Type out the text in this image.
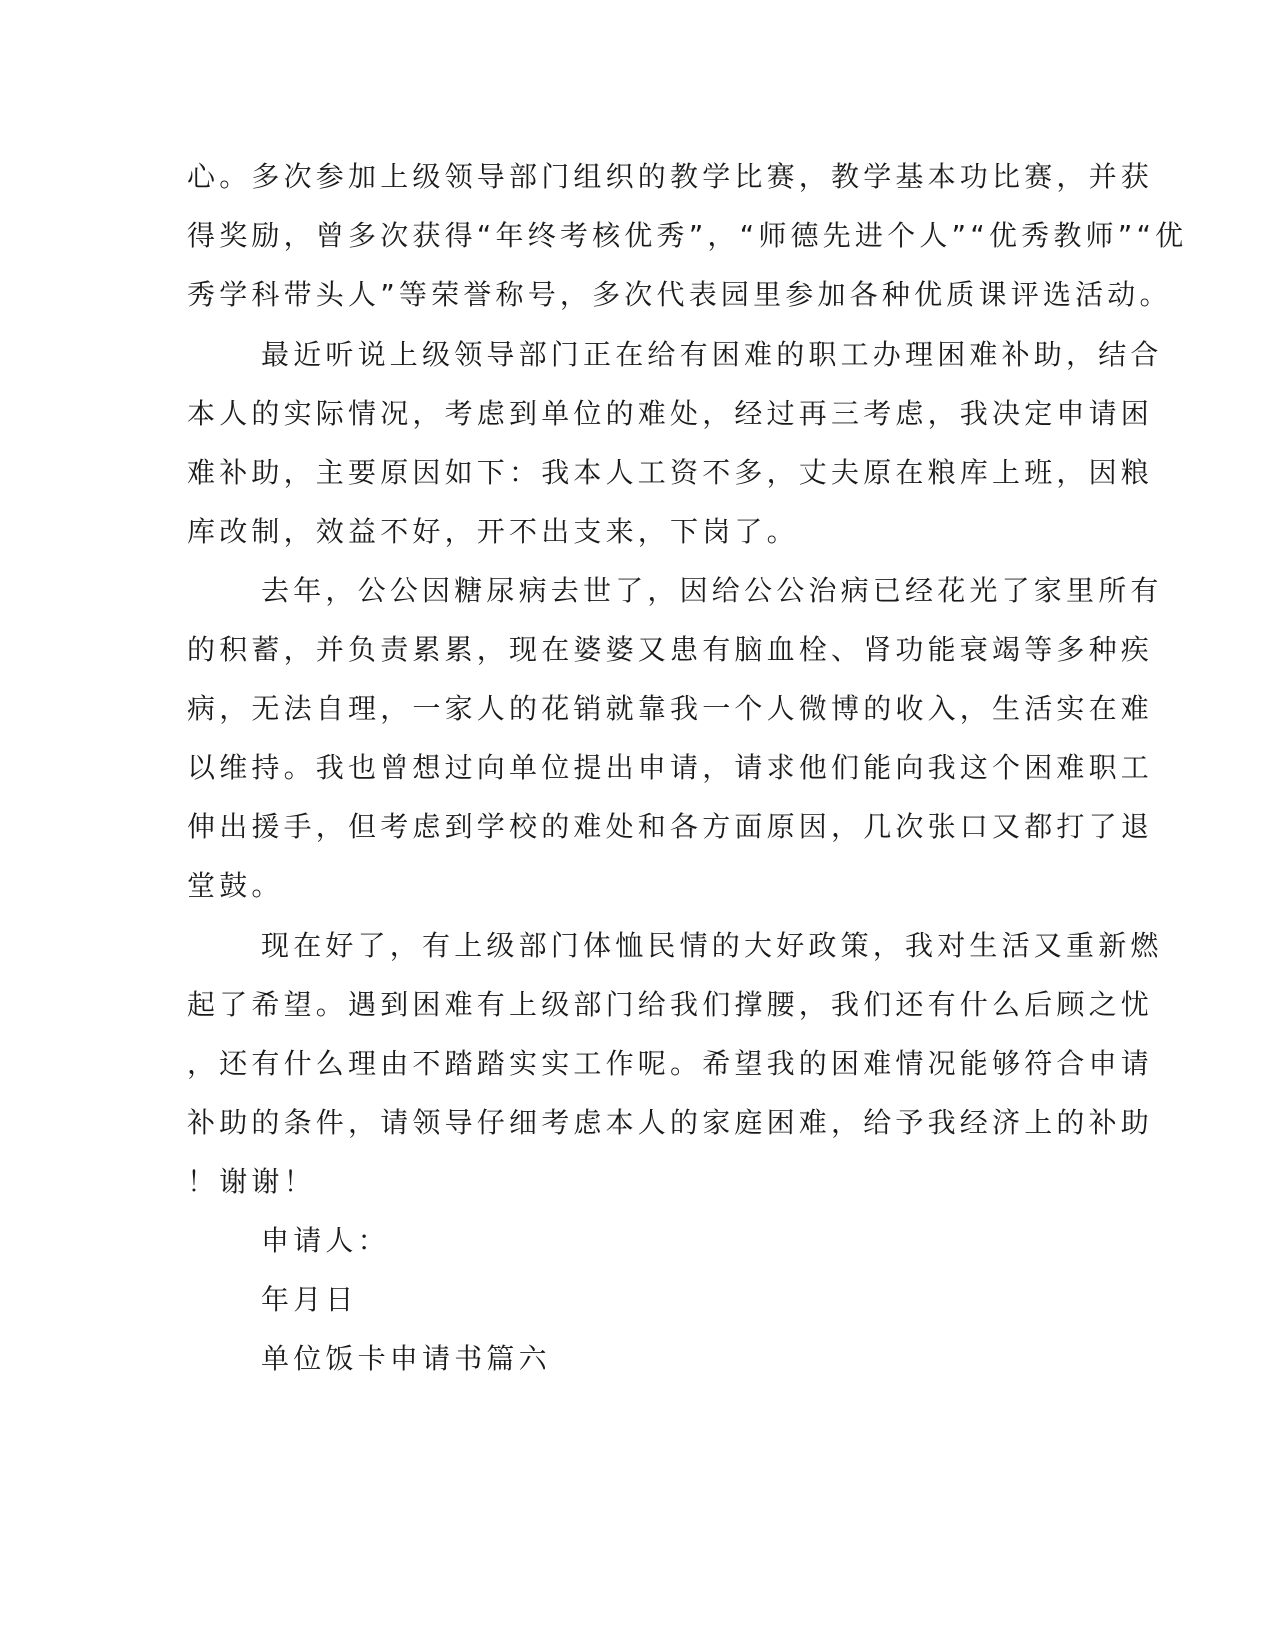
心。多次参加上级领导部门组织的教学比赛，教学基本功比赛，并获
得奖励，曾多次获得“年终考核优秀”，“师德先进个人”“优秀教师”“优
秀学科带头人”等荣誉称号，多次代表园里参加各种优质课评选活动。
最近听说上级领导部门正在给有困难的职工办理困难补助，结合
本人的实际情况，考虑到单位的难处，经过再三考虑，我决定申请困
难补助，主要原因如下：我本人工资不多，丈夫原在粮库上班，因粮
库改制，效益不好，开不出支来，下岗了。
去年，公公因糖尿病去世了，因给公公治病已经花光了家里所有
的积蓄，并负责累累，现在婆婆又患有脑血栓、肾功能衰竭等多种疾
病，无法自理，一家人的花销就靠我一个人微博的收入，生活实在难
以维持。我也曾想过向单位提出申请，请求他们能向我这个困难职工
伸出援手，但考虑到学校的难处和各方面原因，几次张口又都打了退
堂鼓。
现在好了，有上级部门体恤民情的大好政策，我对生活又重新燃
起了希望。遇到困难有上级部门给我们撑腰，我们还有什么后顾之忧
，还有什么理由不踏踏实实工作呢。希望我的困难情况能够符合申请
补助的条件，请领导仔细考虑本人的家庭困难，给予我经济上的补助
！谢谢！
申请人：
年月日
单位饭卡申请书篇六
